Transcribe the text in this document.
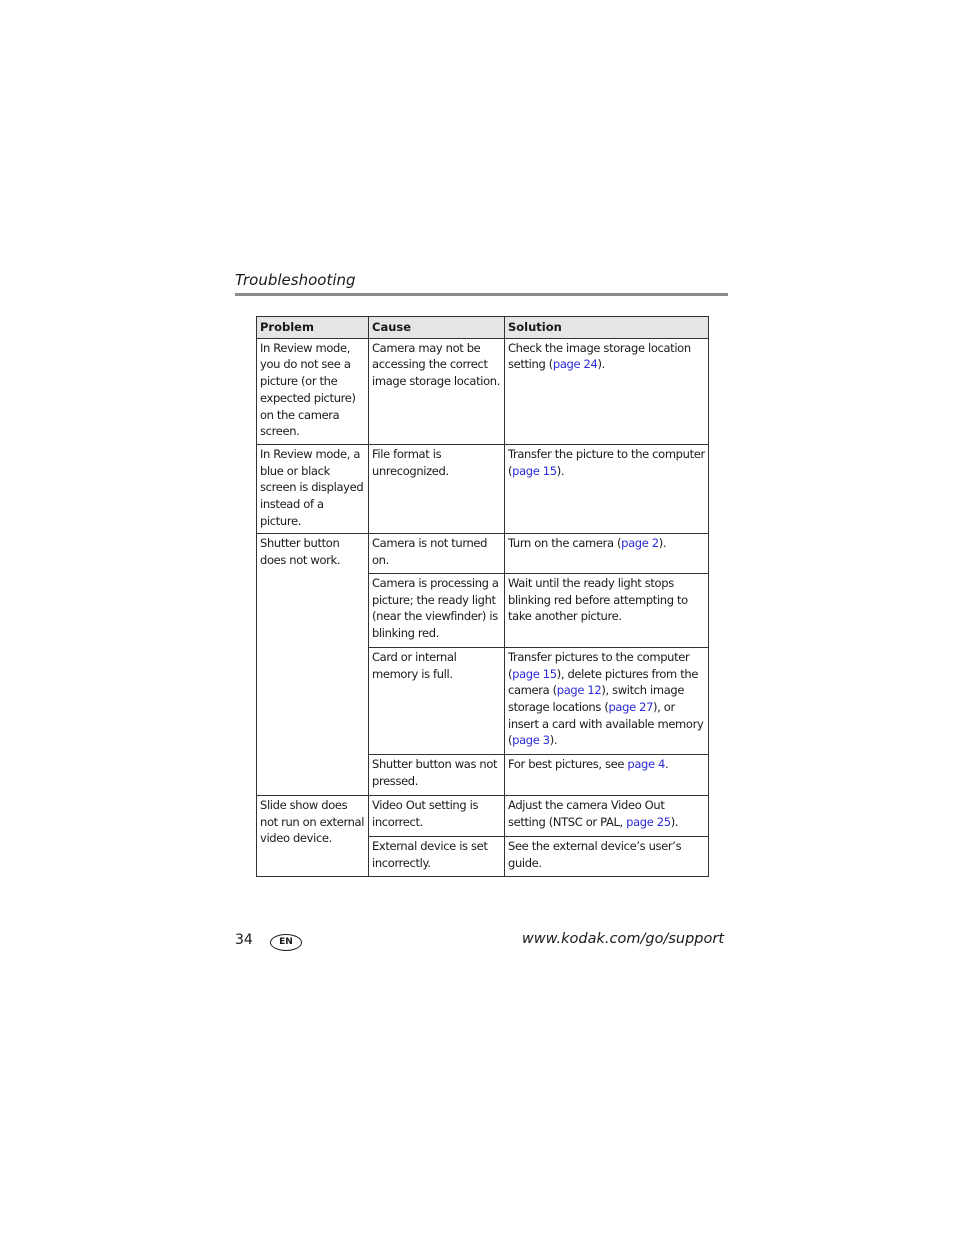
Troubleshooting
Problem	Cause	Solution
In Review mode, you do not see a picture (or the expected picture) on the camera screen.	Camera may not be accessing the correct image storage location.	Check the image storage location setting (page 24).
In Review mode, a blue or black screen is displayed instead of a picture.	File format is unrecognized.	Transfer the picture to the computer (page 15).
Shutter button does not work.	Camera is not turned on.	Turn on the camera (page 2).
	Camera is processing a picture; the ready light (near the viewfinder) is blinking red.	Wait until the ready light stops blinking red before attempting to take another picture.
	Card or internal memory is full.	Transfer pictures to the computer (page 15), delete pictures from the camera (page 12), switch image storage locations (page 27), or insert a card with available memory (page 3).
	Shutter button was not pressed.	For best pictures, see page 4.
Slide show does not run on external video device.	Video Out setting is incorrect.	Adjust the camera Video Out setting (NTSC or PAL, page 25).
	External device is set incorrectly.	See the external device’s user’s guide.
34	EN	www.kodak.com/go/support
